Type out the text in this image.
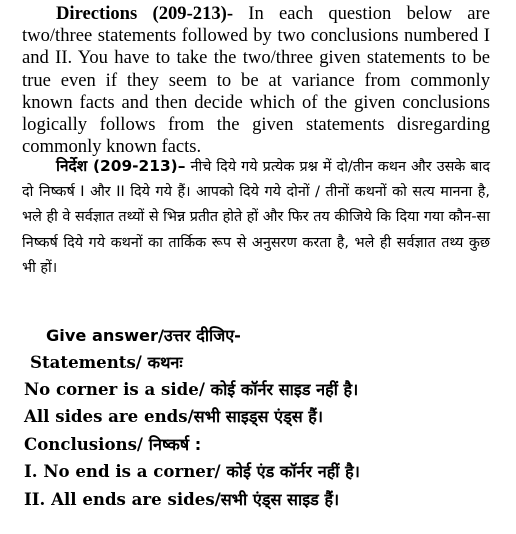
Directions (209-213)- In each question below are two/three statements followed by two conclusions numbered I and II. You have to take the two/three given statements to be true even if they seem to be at variance from commonly known facts and then decide which of the given conclusions logically follows from the given statements disregarding commonly known facts.
निर्देश (209-213)– नीचे दिये गये प्रत्येक प्रश्न में दो/तीन कथन और उसके बाद दो निष्कर्ष I और II दिये गये हैं। आपको दिये गये दोनों / तीनों कथनों को सत्य मानना है, भले ही वे सर्वज्ञात तथ्यों से भिन्न प्रतीत होते हों और फिर तय कीजिये कि दिया गया कौन-सा निष्कर्ष दिये गये कथनों का तार्किक रूप से अनुसरण करता है, भले ही सर्वज्ञात तथ्य कुछ भी हों।
Give answer/उत्तर दीजिए-
Statements/ कथनः
No corner is a side/ कोई कॉर्नर साइड नहीं है।
All sides are ends/सभी साइड्स एंड्स हैं।
Conclusions/ निष्कर्ष :
I. No end is a corner/ कोई एंड कॉर्नर नहीं है।
II. All ends are sides/सभी एंड्स साइड हैं।
